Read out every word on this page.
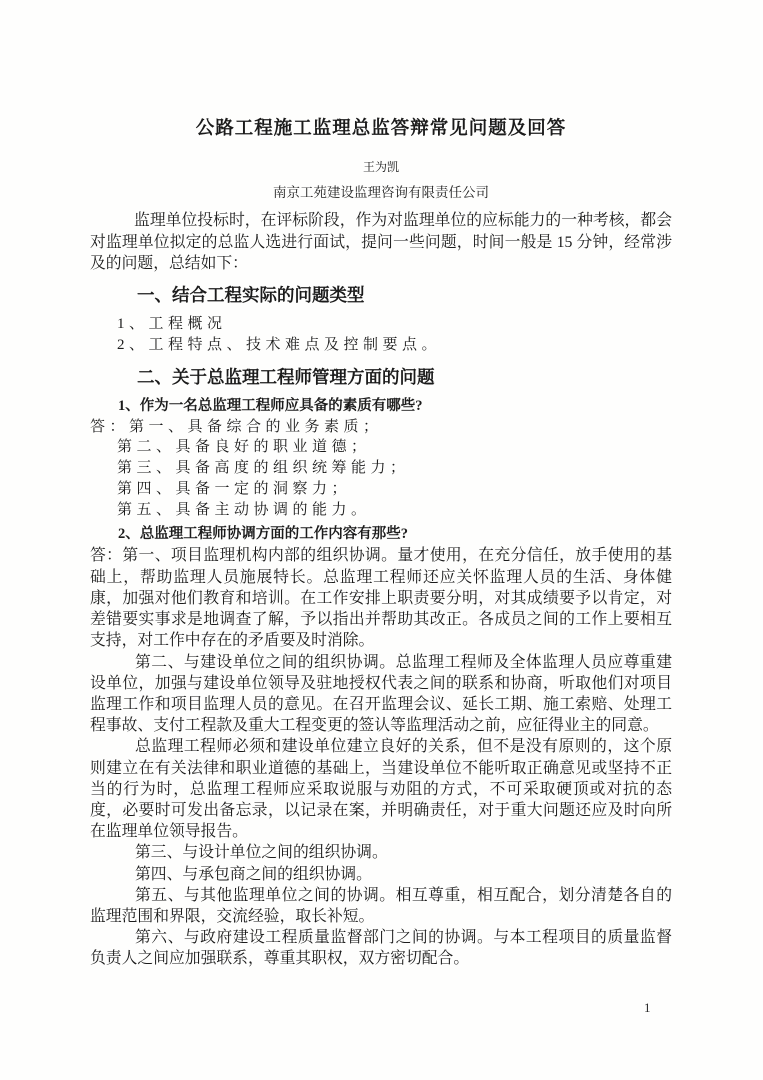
公路工程施工监理总监答辩常见问题及回答
王为凯
南京工苑建设监理咨询有限责任公司

监理单位投标时，在评标阶段，作为对监理单位的应标能力的一种考核，都会对监理单位拟定的总监人选进行面试，提问一些问题，时间一般是 15 分钟，经常涉及的问题，总结如下：

一、结合工程实际的问题类型
1、工程概况
2、工程特点、技术难点及控制要点。
二、关于总监理工程师管理方面的问题
1、作为一名总监理工程师应具备的素质有哪些?
答：第一、具备综合的业务素质；
第二、具备良好的职业道德；
第三、具备高度的组织统筹能力；
第四、具备一定的洞察力；
第五、具备主动协调的能力。
2、总监理工程师协调方面的工作内容有那些?

答：第一、项目监理机构内部的组织协调。量才使用，在充分信任，放手使用的基础上，帮助监理人员施展特长。总监理工程师还应关怀监理人员的生活、身体健康，加强对他们教育和培训。在工作安排上职责要分明，对其成绩要予以肯定，对差错要实事求是地调查了解，予以指出并帮助其改正。各成员之间的工作上要相互支持，对工作中存在的矛盾要及时消除。

第二、与建设单位之间的组织协调。总监理工程师及全体监理人员应尊重建设单位，加强与建设单位领导及驻地授权代表之间的联系和协商，听取他们对项目监理工作和项目监理人员的意见。在召开监理会议、延长工期、施工索赔、处理工程事故、支付工程款及重大工程变更的签认等监理活动之前，应征得业主的同意。

总监理工程师必须和建设单位建立良好的关系，但不是没有原则的，这个原则建立在有关法律和职业道德的基础上，当建设单位不能听取正确意见或坚持不正当的行为时，总监理工程师应采取说服与劝阻的方式，不可采取硬顶或对抗的态度，必要时可发出备忘录，以记录在案，并明确责任，对于重大问题还应及时向所在监理单位领导报告。

第三、与设计单位之间的组织协调。

第四、与承包商之间的组织协调。

第五、与其他监理单位之间的协调。相互尊重，相互配合，划分清楚各自的监理范围和界限，交流经验，取长补短。

第六、与政府建设工程质量监督部门之间的协调。与本工程项目的质量监督负责人之间应加强联系，尊重其职权，双方密切配合。

1
